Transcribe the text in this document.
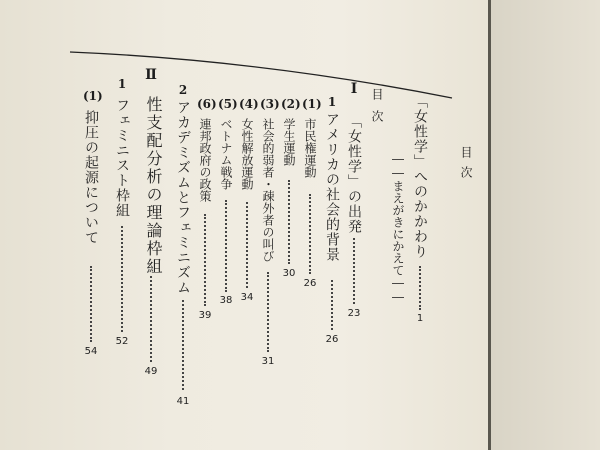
目次
「女性学」へのかかわり
1
――まえがきにかえて――
目次
Ⅰ
「女性学」の出発
23
1
アメリカの社会的背景
26
(1)
市民権運動
26
(2)
学生運動
30
(3)
社会的弱者・疎外者の叫び
31
(4)
女性解放運動
34
(5)
ベトナム戦争
38
(6)
連邦政府の政策
39
2
アカデミズムとフェミニズム
41
Ⅱ
性支配分析の理論枠組
49
1
フェミニスト枠組
52
(1)
抑圧の起源について
54
